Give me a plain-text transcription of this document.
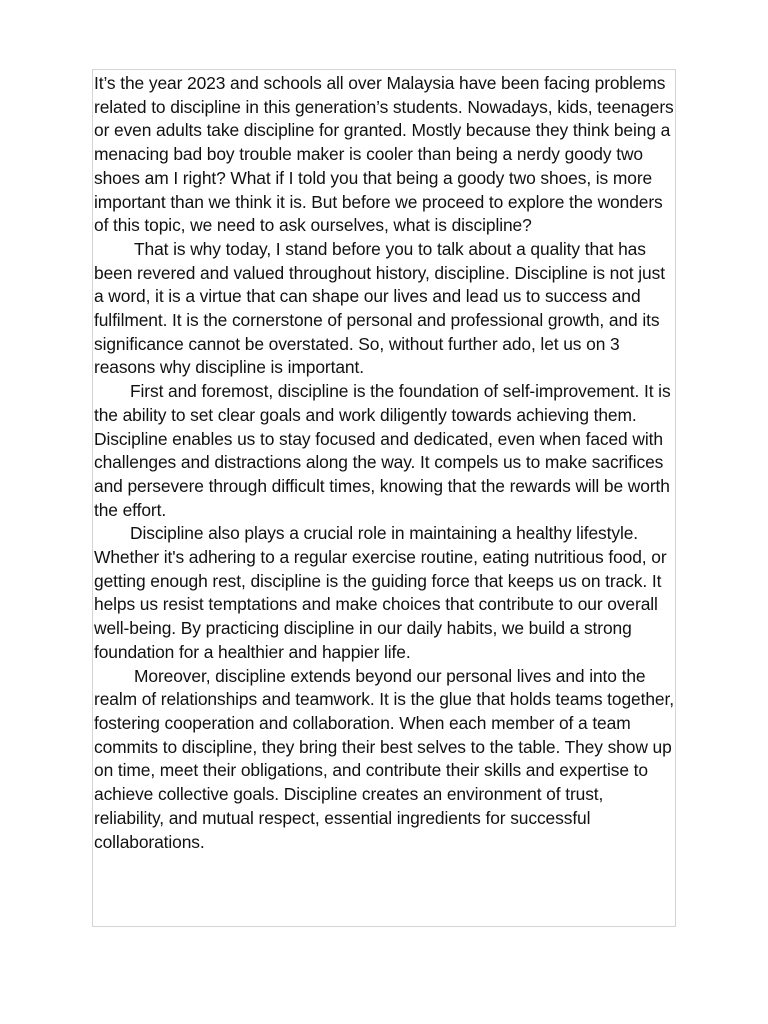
It’s the year 2023 and schools all over Malaysia have been facing problems related to discipline in this generation’s students. Nowadays, kids, teenagers or even adults take discipline for granted. Mostly because they think being a menacing bad boy trouble maker is cooler than being a nerdy goody two shoes am I right? What if I told you that being a goody two shoes, is more important than we think it is. But before we proceed to explore the wonders of this topic, we need to ask ourselves, what is discipline?

That is why today, I stand before you to talk about a quality that has been revered and valued throughout history, discipline. Discipline is not just a word, it is a virtue that can shape our lives and lead us to success and fulfilment. It is the cornerstone of personal and professional growth, and its significance cannot be overstated. So, without further ado, let us on 3 reasons why discipline is important.

First and foremost, discipline is the foundation of self-improvement. It is the ability to set clear goals and work diligently towards achieving them. Discipline enables us to stay focused and dedicated, even when faced with challenges and distractions along the way. It compels us to make sacrifices and persevere through difficult times, knowing that the rewards will be worth the effort.

Discipline also plays a crucial role in maintaining a healthy lifestyle. Whether it's adhering to a regular exercise routine, eating nutritious food, or getting enough rest, discipline is the guiding force that keeps us on track. It helps us resist temptations and make choices that contribute to our overall well-being. By practicing discipline in our daily habits, we build a strong foundation for a healthier and happier life.

Moreover, discipline extends beyond our personal lives and into the realm of relationships and teamwork. It is the glue that holds teams together, fostering cooperation and collaboration. When each member of a team commits to discipline, they bring their best selves to the table. They show up on time, meet their obligations, and contribute their skills and expertise to achieve collective goals. Discipline creates an environment of trust, reliability, and mutual respect, essential ingredients for successful collaborations.
